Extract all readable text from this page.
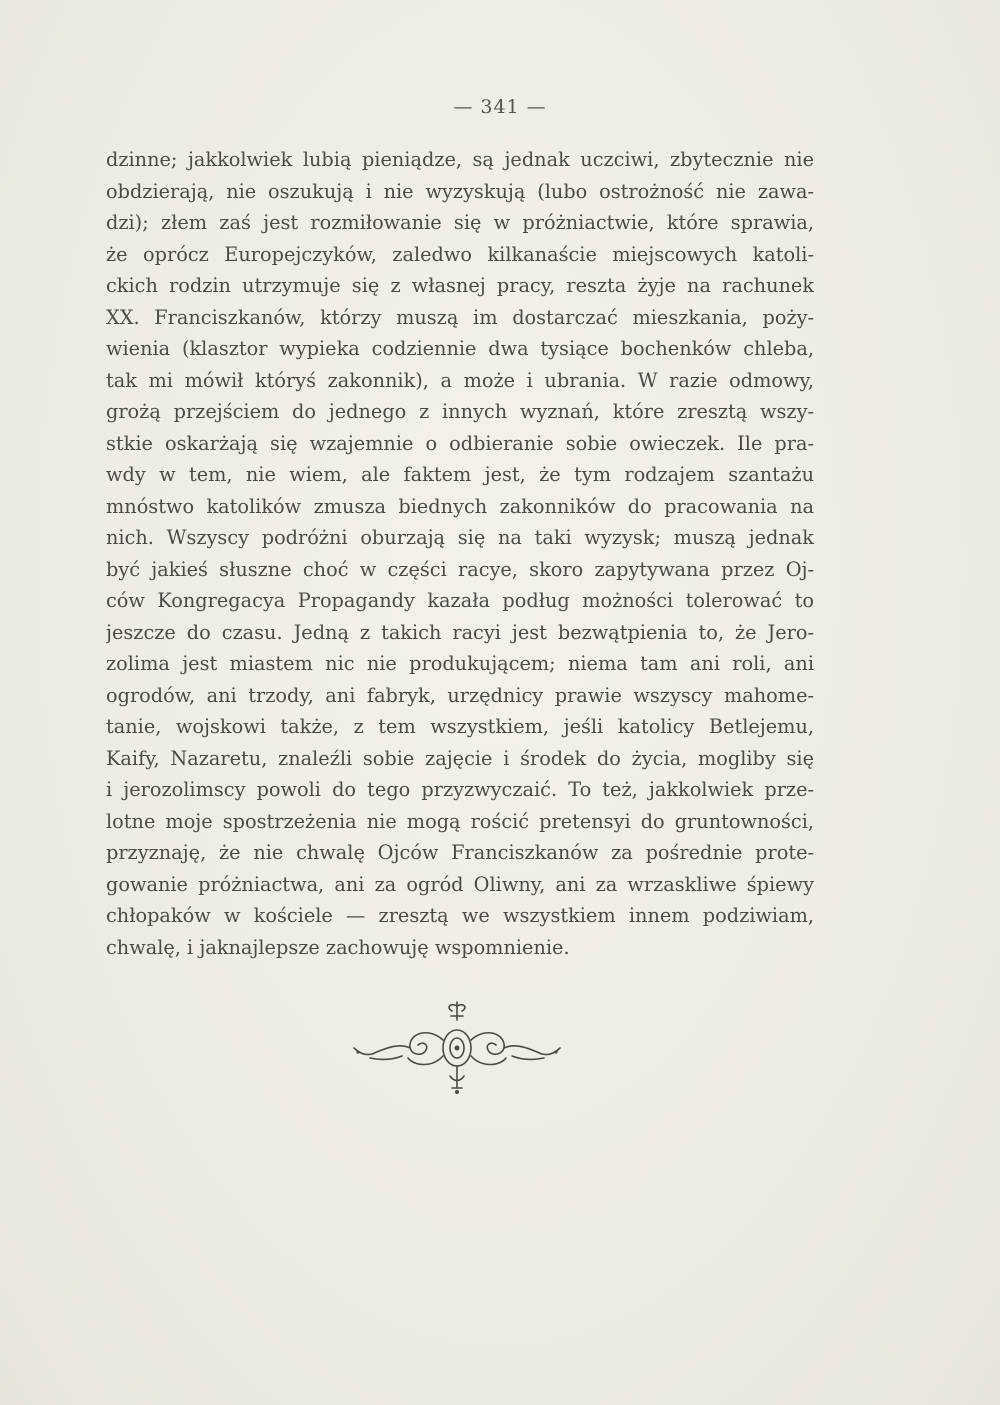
— 341 —
dzinne; jakkolwiek lubią pieniądze, są jednak uczciwi, zbytecznie nie
obdzierają, nie oszukują i nie wyzyskują (lubo ostrożność nie zawa-
dzi); złem zaś jest rozmiłowanie się w próżniactwie, które sprawia,
że oprócz Europejczyków, zaledwo kilkanaście miejscowych katoli-
ckich rodzin utrzymuje się z własnej pracy, reszta żyje na rachunek
XX. Franciszkanów, którzy muszą im dostarczać mieszkania, poży-
wienia (klasztor wypieka codziennie dwa tysiące bochenków chleba,
tak mi mówił któryś zakonnik), a może i ubrania. W razie odmowy,
grożą przejściem do jednego z innych wyznań, które zresztą wszy-
stkie oskarżają się wzajemnie o odbieranie sobie owieczek. Ile pra-
wdy w tem, nie wiem, ale faktem jest, że tym rodzajem szantażu
mnóstwo katolików zmusza biednych zakonników do pracowania na
nich. Wszyscy podróżni oburzają się na taki wyzysk; muszą jednak
być jakieś słuszne choć w części racye, skoro zapytywana przez Oj-
ców Kongregacya Propagandy kazała podług możności tolerować to
jeszcze do czasu. Jedną z takich racyi jest bezwątpienia to, że Jero-
zolima jest miastem nic nie produkującem; niema tam ani roli, ani
ogrodów, ani trzody, ani fabryk, urzędnicy prawie wszyscy mahome-
tanie, wojskowi także, z tem wszystkiem, jeśli katolicy Betlejemu,
Kaify, Nazaretu, znaleźli sobie zajęcie i środek do życia, mogliby się
i jerozolimscy powoli do tego przyzwyczaić. To też, jakkolwiek prze-
lotne moje spostrzeżenia nie mogą rościć pretensyi do gruntowności,
przyznaję, że nie chwalę Ojców Franciszkanów za pośrednie prote-
gowanie próżniactwa, ani za ogród Oliwny, ani za wrzaskliwe śpiewy
chłopaków w kościele — zresztą we wszystkiem innem podziwiam,
chwalę, i jaknajlepsze zachowuję wspomnienie.
